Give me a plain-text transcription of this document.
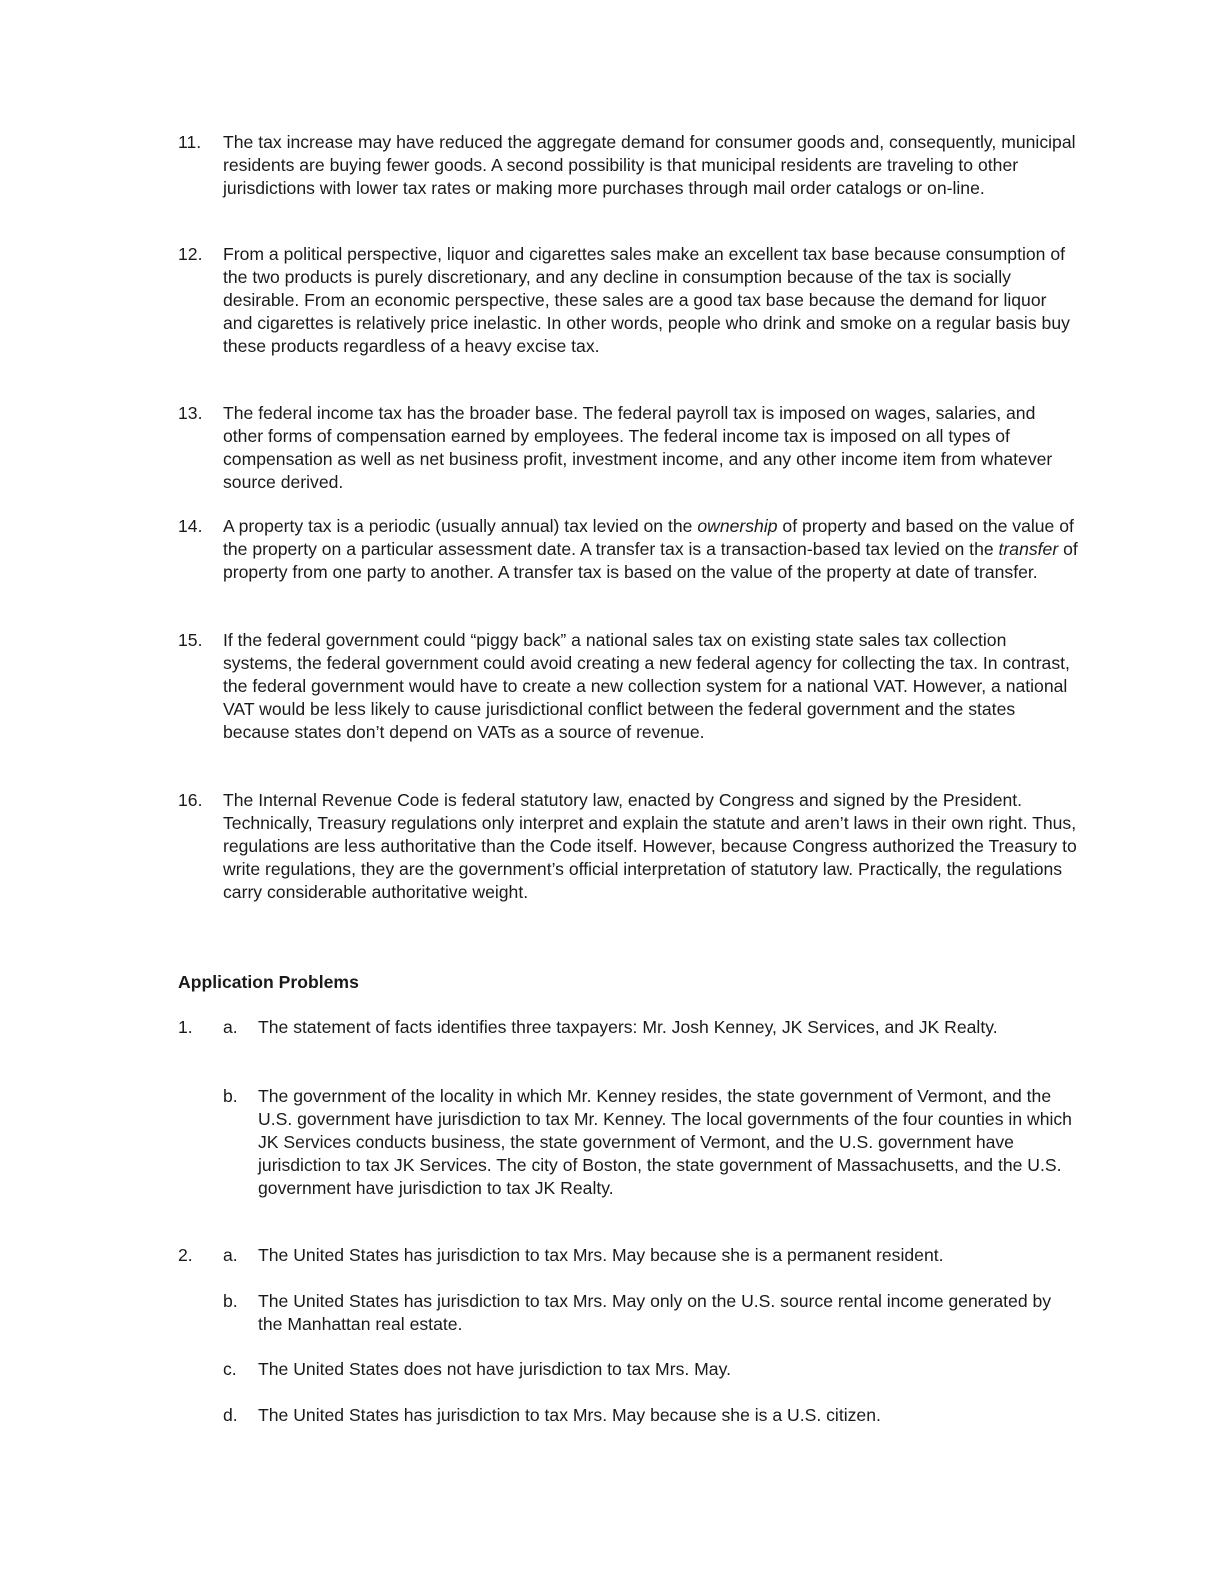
11. The tax increase may have reduced the aggregate demand for consumer goods and, consequently, municipal residents are buying fewer goods. A second possibility is that municipal residents are traveling to other jurisdictions with lower tax rates or making more purchases through mail order catalogs or on-line.
12. From a political perspective, liquor and cigarettes sales make an excellent tax base because consumption of the two products is purely discretionary, and any decline in consumption because of the tax is socially desirable. From an economic perspective, these sales are a good tax base because the demand for liquor and cigarettes is relatively price inelastic. In other words, people who drink and smoke on a regular basis buy these products regardless of a heavy excise tax.
13. The federal income tax has the broader base. The federal payroll tax is imposed on wages, salaries, and other forms of compensation earned by employees. The federal income tax is imposed on all types of compensation as well as net business profit, investment income, and any other income item from whatever source derived.
14. A property tax is a periodic (usually annual) tax levied on the ownership of property and based on the value of the property on a particular assessment date. A transfer tax is a transaction-based tax levied on the transfer of property from one party to another. A transfer tax is based on the value of the property at date of transfer.
15. If the federal government could “piggy back” a national sales tax on existing state sales tax collection systems, the federal government could avoid creating a new federal agency for collecting the tax. In contrast, the federal government would have to create a new collection system for a national VAT. However, a national VAT would be less likely to cause jurisdictional conflict between the federal government and the states because states don’t depend on VATs as a source of revenue.
16. The Internal Revenue Code is federal statutory law, enacted by Congress and signed by the President. Technically, Treasury regulations only interpret and explain the statute and aren’t laws in their own right. Thus, regulations are less authoritative than the Code itself. However, because Congress authorized the Treasury to write regulations, they are the government’s official interpretation of statutory law. Practically, the regulations carry considerable authoritative weight.
Application Problems
1. a. The statement of facts identifies three taxpayers: Mr. Josh Kenney, JK Services, and JK Realty.
b. The government of the locality in which Mr. Kenney resides, the state government of Vermont, and the U.S. government have jurisdiction to tax Mr. Kenney. The local governments of the four counties in which JK Services conducts business, the state government of Vermont, and the U.S. government have jurisdiction to tax JK Services. The city of Boston, the state government of Massachusetts, and the U.S. government have jurisdiction to tax JK Realty.
2. a. The United States has jurisdiction to tax Mrs. May because she is a permanent resident.
b. The United States has jurisdiction to tax Mrs. May only on the U.S. source rental income generated by the Manhattan real estate.
c. The United States does not have jurisdiction to tax Mrs. May.
d. The United States has jurisdiction to tax Mrs. May because she is a U.S. citizen.
